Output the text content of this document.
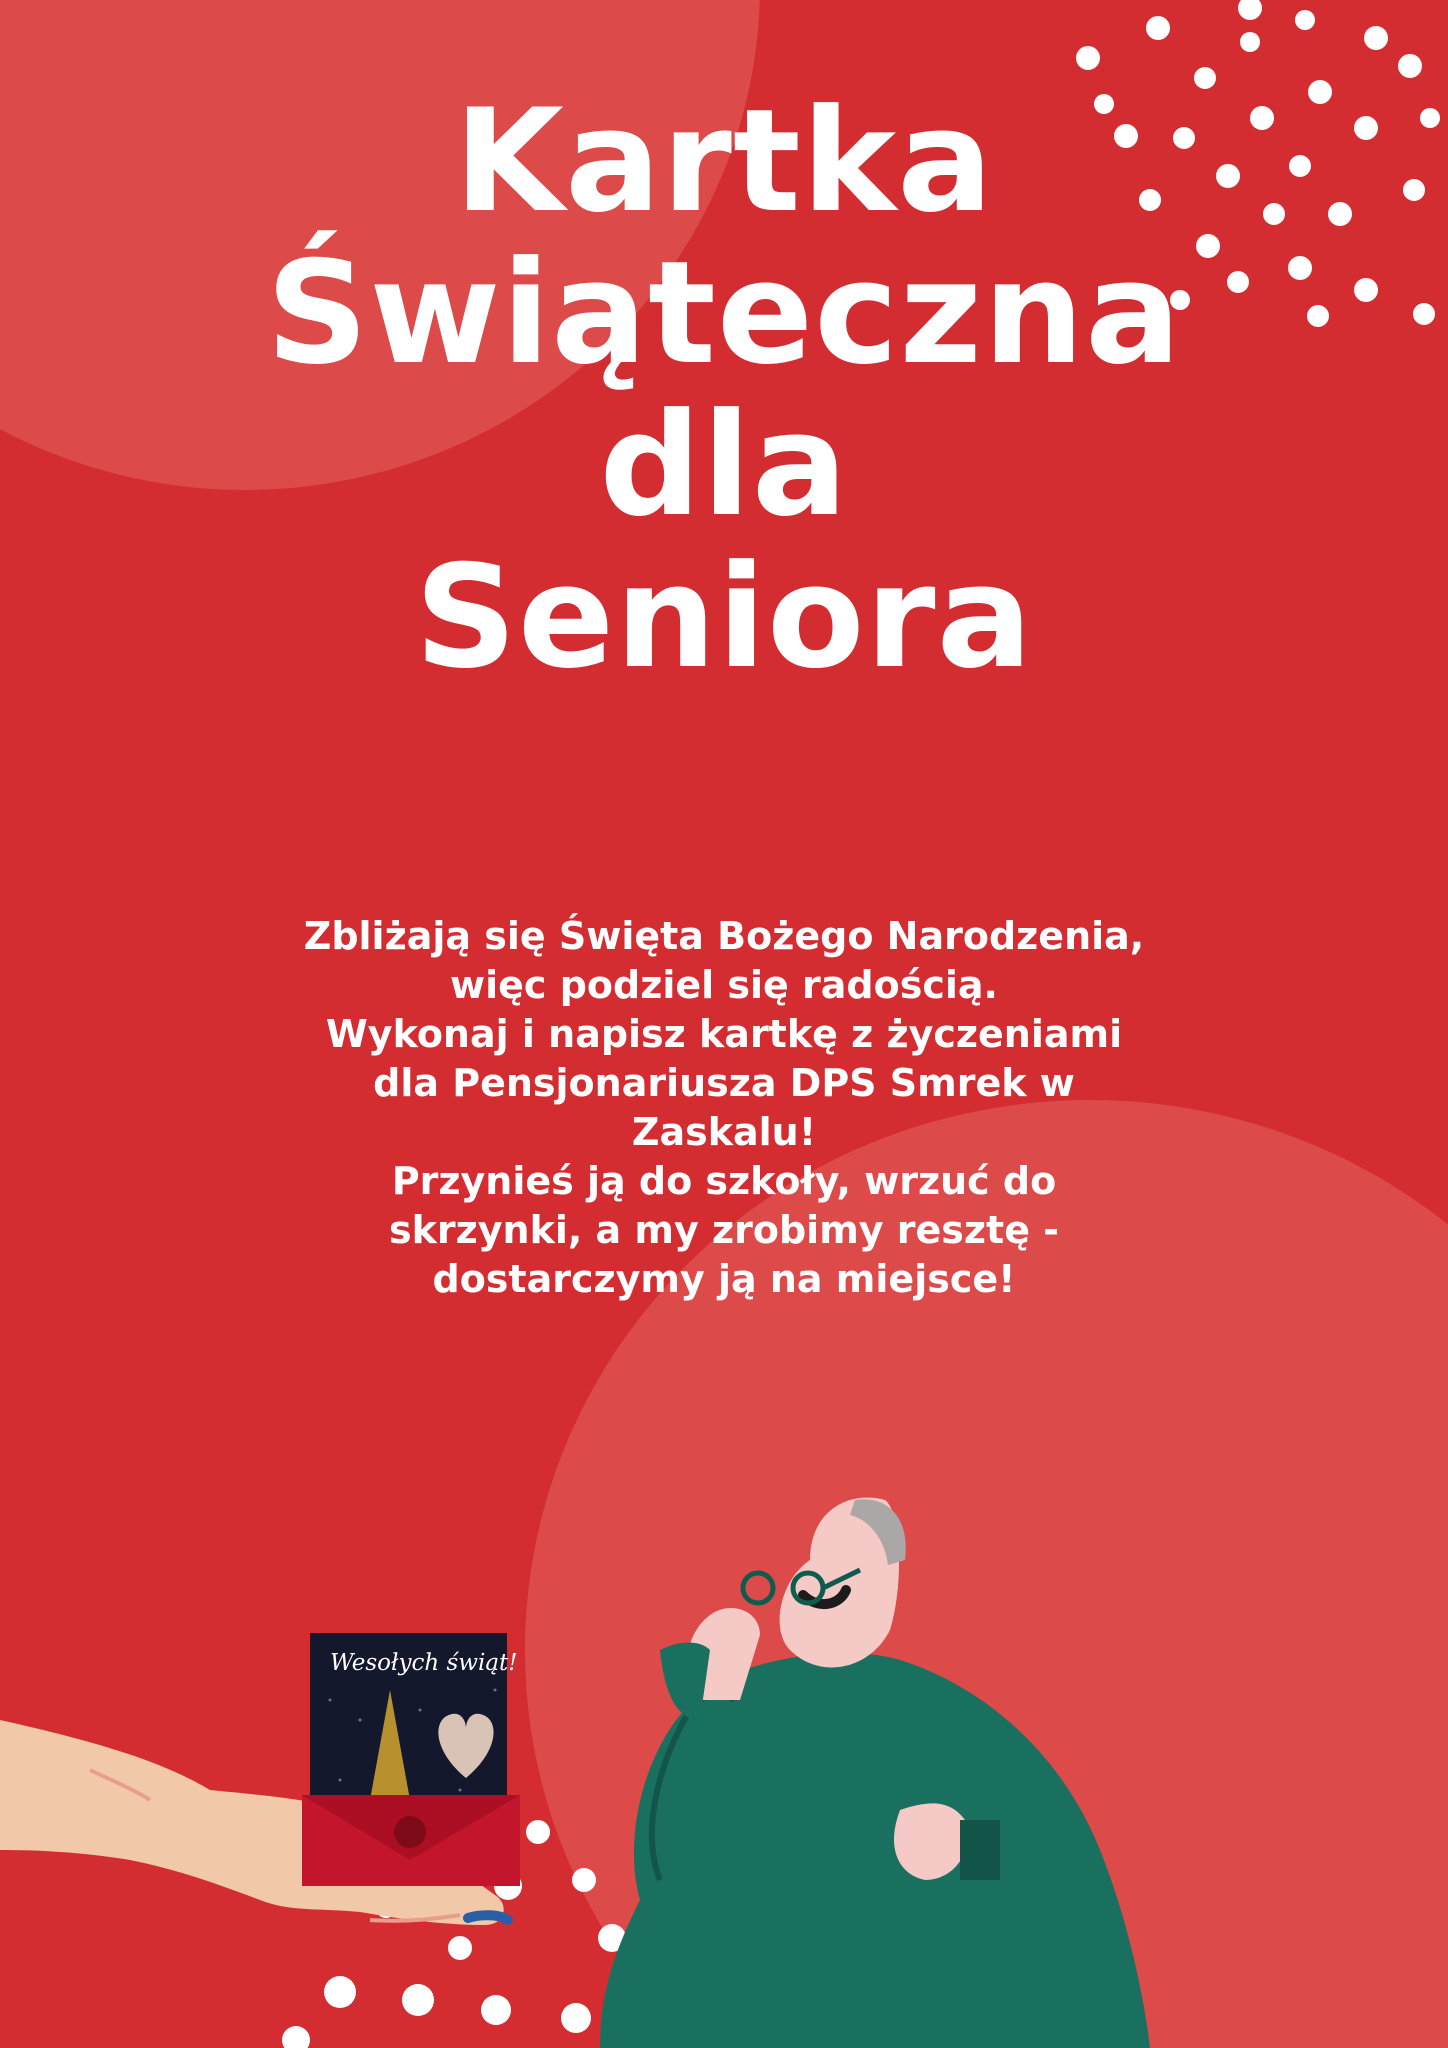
Kartka
Świąteczna
dla
Seniora
Zbliżają się Święta Bożego Narodzenia,
więc podziel się radością.
Wykonaj i napisz kartkę z życzeniami
dla Pensjonariusza DPS Smrek w
Zaskalu!
Przynieś ją do szkoły, wrzuć do
skrzynki, a my zrobimy resztę -
dostarczymy ją na miejsce!
Wesołych świąt!
